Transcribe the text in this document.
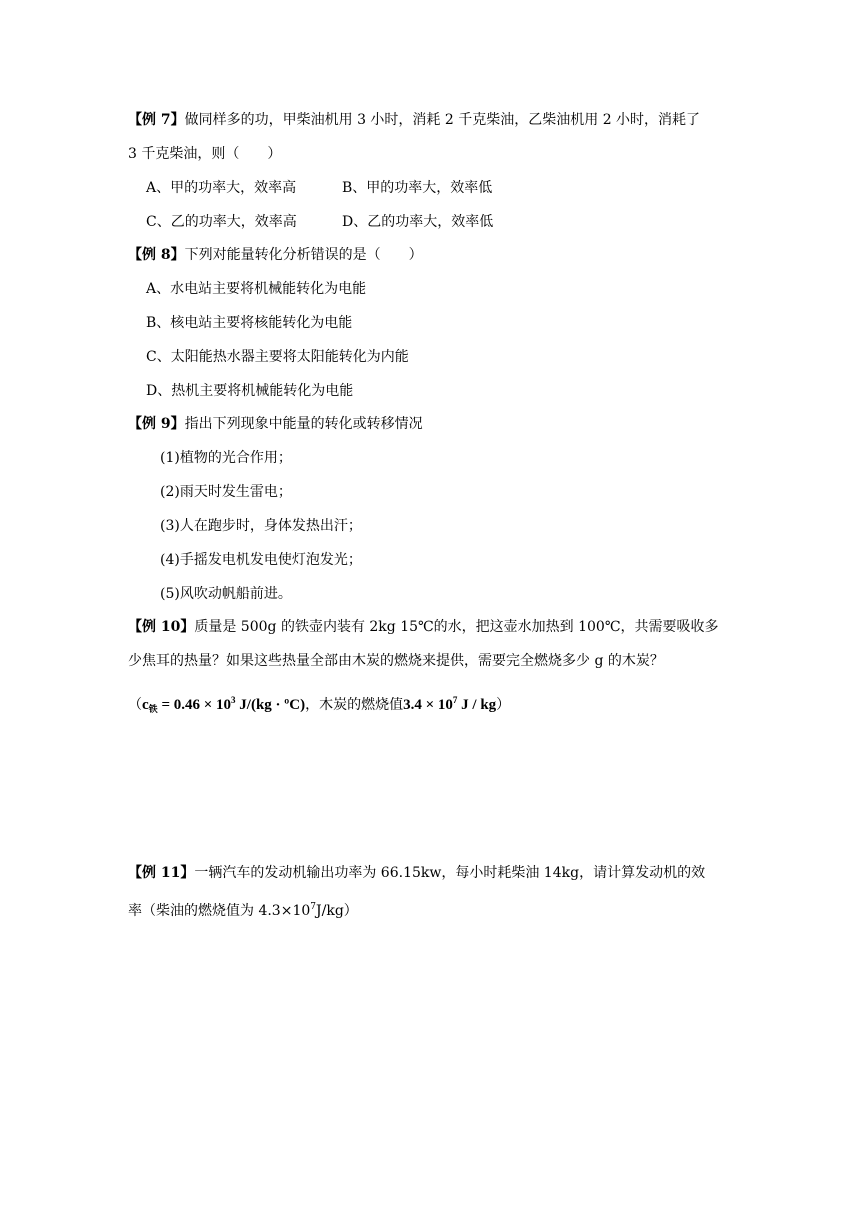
【例 7】做同样多的功，甲柴油机用 3 小时，消耗 2 千克柴油，乙柴油机用 2 小时，消耗了
3 千克柴油，则（　　）
A、甲的功率大，效率高	B、甲的功率大，效率低
C、乙的功率大，效率高	D、乙的功率大，效率低
【例 8】下列对能量转化分析错误的是（　　）
A、水电站主要将机械能转化为电能
B、核电站主要将核能转化为电能
C、太阳能热水器主要将太阳能转化为内能
D、热机主要将机械能转化为电能
【例 9】指出下列现象中能量的转化或转移情况
(1)植物的光合作用；
(2)雨天时发生雷电；
(3)人在跑步时，身体发热出汗；
(4)手摇发电机发电使灯泡发光；
(5)风吹动帆船前进。
【例 10】质量是 500g 的铁壶内装有 2kg 15℃的水，把这壶水加热到 100℃，共需要吸收多
少焦耳的热量？如果这些热量全部由木炭的燃烧来提供，需要完全燃烧多少 g 的木炭？
（$c_铁 = 0.46 \times 10^3$ J/(kg · ºC)，木炭的燃烧值$3.4 \times 10^7$ J / kg）
【例 11】一辆汽车的发动机输出功率为 66.15kw，每小时耗柴油 14kg，请计算发动机的效
率（柴油的燃烧值为 $4.3\times 10^7J/kg$）
